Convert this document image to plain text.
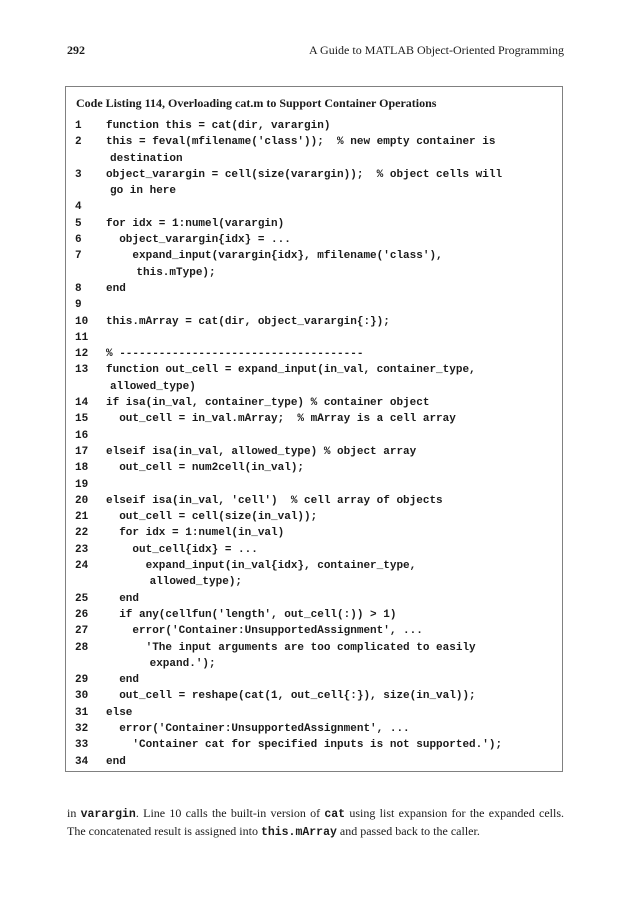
292	A Guide to MATLAB Object-Oriented Programming
Code Listing 114, Overloading cat.m to Support Container Operations
1 function this = cat(dir, varargin)
2 this = feval(mfilename('class'));  % new empty container is
destination
3 object_varargin = cell(size(varargin));  % object cells will
go in here
4

5 for idx = 1:numel(varargin)
6 object_varargin{idx} = ...
7 expand_input(varargin{idx}, mfilename('class'),
this.mType);
8 end
9

10 this.mArray = cat(dir, object_varargin{:});
11

12 % -------------------------------------
13 function out_cell = expand_input(in_val, container_type,
allowed_type)
14 if isa(in_val, container_type) % container object
15 out_cell = in_val.mArray;  % mArray is a cell array
16

17 elseif isa(in_val, allowed_type) % object array
18 out_cell = num2cell(in_val);
19

20 elseif isa(in_val, 'cell')  % cell array of objects
21 out_cell = cell(size(in_val));
22 for idx = 1:numel(in_val)
23 out_cell{idx} = ...
24 expand_input(in_val{idx}, container_type,
allowed_type);
25 end
26 if any(cellfun('length', out_cell(:)) > 1)
27 error('Container:UnsupportedAssignment', ...
28 'The input arguments are too complicated to easily
expand.');
29 end
30 out_cell = reshape(cat(1, out_cell{:}), size(in_val));
31 else
32 error('Container:UnsupportedAssignment', ...
33 'Container cat for specified inputs is not supported.');
34 end

in varargin. Line 10 calls the built-in version of cat using list expansion for the expanded cells. The concatenated result is assigned into this.mArray and passed back to the caller.
